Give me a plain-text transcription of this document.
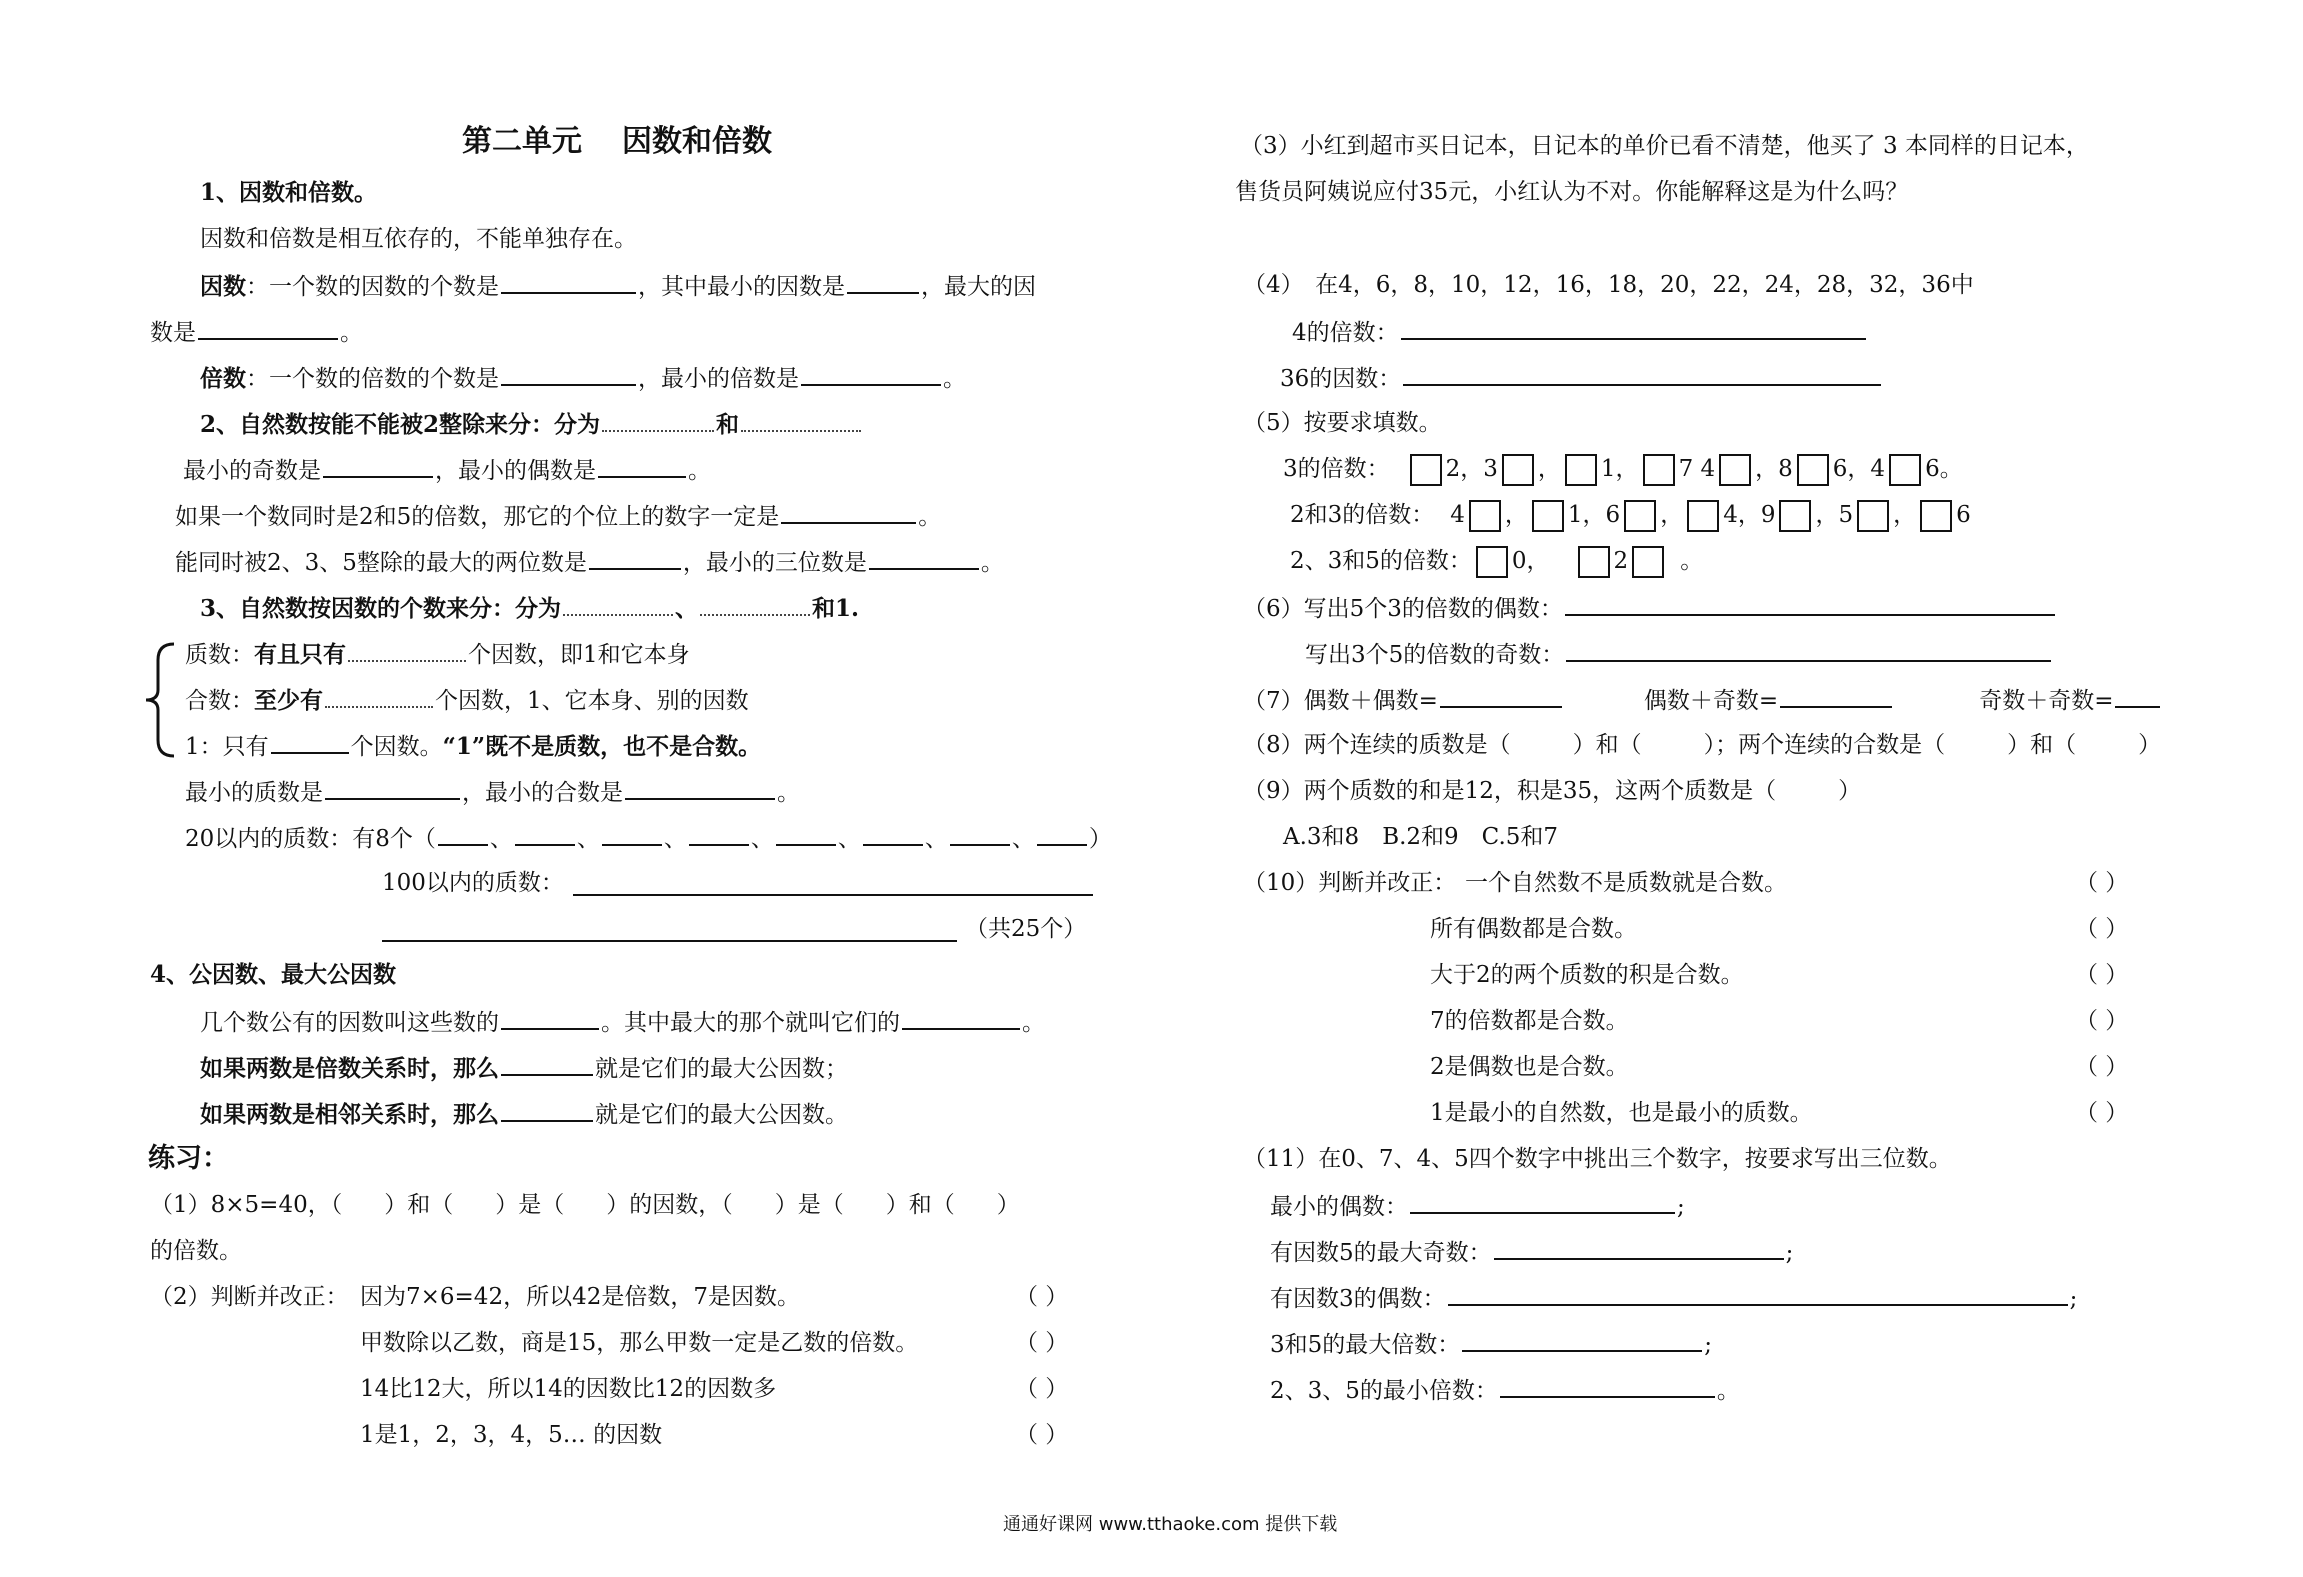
第二单元 因数和倍数
1、因数和倍数。
因数和倍数是相互依存的，不能单独存在。
因数：一个数的因数的个数是	，其中最小的因数是	，最大的因
数是	。
倍数：一个数的倍数的个数是	，最小的倍数是	。
2、自然数按能不能被2整除来分：分为	和
最小的奇数是	，最小的偶数是	。
如果一个数同时是2和5的倍数，那它的个位上的数字一定是	。
能同时被2、3、5整除的最大的两位数是	，最小的三位数是	。
3、自然数按因数的个数来分：分为	、	和1.
质数：有且只有	个因数，即1和它本身
合数：至少有	个因数，1、它本身、别的因数
1：只有	个因数。“1”既不是质数，也不是合数。
最小的质数是	，最小的合数是	。
20以内的质数：有8个（ 、	、	、	、	、	、	、 ）
100以内的质数：
（共25个）
4、公因数、最大公因数
几个数公有的因数叫这些数的	。其中最大的那个就叫它们的	。
如果两数是倍数关系时，那么	就是它们的最大公因数；
如果两数是相邻关系时，那么	就是它们的最大公因数。
练习：
（1）8×5=40，（ ）和（ ）是（ ）的因数，（ ）是（ ）和（ ）
的倍数。
（2）判断并改正： 因为7×6=42，所以42是倍数，7是因数。	（ ）
甲数除以乙数，商是15，那么甲数一定是乙数的倍数。	（ ）
14比12大，所以14的因数比12的因数多	（ ）
1是1，2，3，4，5… 的因数	（ ）
（3）小红到超市买日记本，日记本的单价已看不清楚，他买了 3 本同样的日记本，
售货员阿姨说应付35元，小红认为不对。你能解释这是为什么吗？
（4）　在4，6，8，10，12，16，18，20，22，24，28，32，36中
4的倍数：
36的因数：
（5）按要求填数。
3的倍数： 2，3 ， 1， 7 4 ，8 6，4 6。
2和3的倍数： 4 ， 1，6 ， 4，9 ，5 ， 6
2、3和5的倍数： 0，	2 。
（6）写出5个3的倍数的偶数：
写出3个5的倍数的奇数：
（7）偶数＋偶数=	偶数＋奇数=	奇数＋奇数=
（8）两个连续的质数是（	）和（	）；两个连续的合数是（	）和（	）
（9）两个质数的和是12，积是35，这两个质数是（	）
A.3和8　B.2和9　C.5和7
（10）判断并改正： 一个自然数不是质数就是合数。	（ ）
所有偶数都是合数。	（ ）
大于2的两个质数的积是合数。	（ ）
7的倍数都是合数。	（ ）
2是偶数也是合数。	（ ）
1是最小的自然数，也是最小的质数。	（ ）
（11）在0、7、4、5四个数字中挑出三个数字，按要求写出三位数。
最小的偶数：	;
有因数5的最大奇数：	;
有因数3的偶数：	;
3和5的最大倍数：	;
2、3、5的最小倍数：	。
通通好课网 www.tthaoke.com 提供下载
